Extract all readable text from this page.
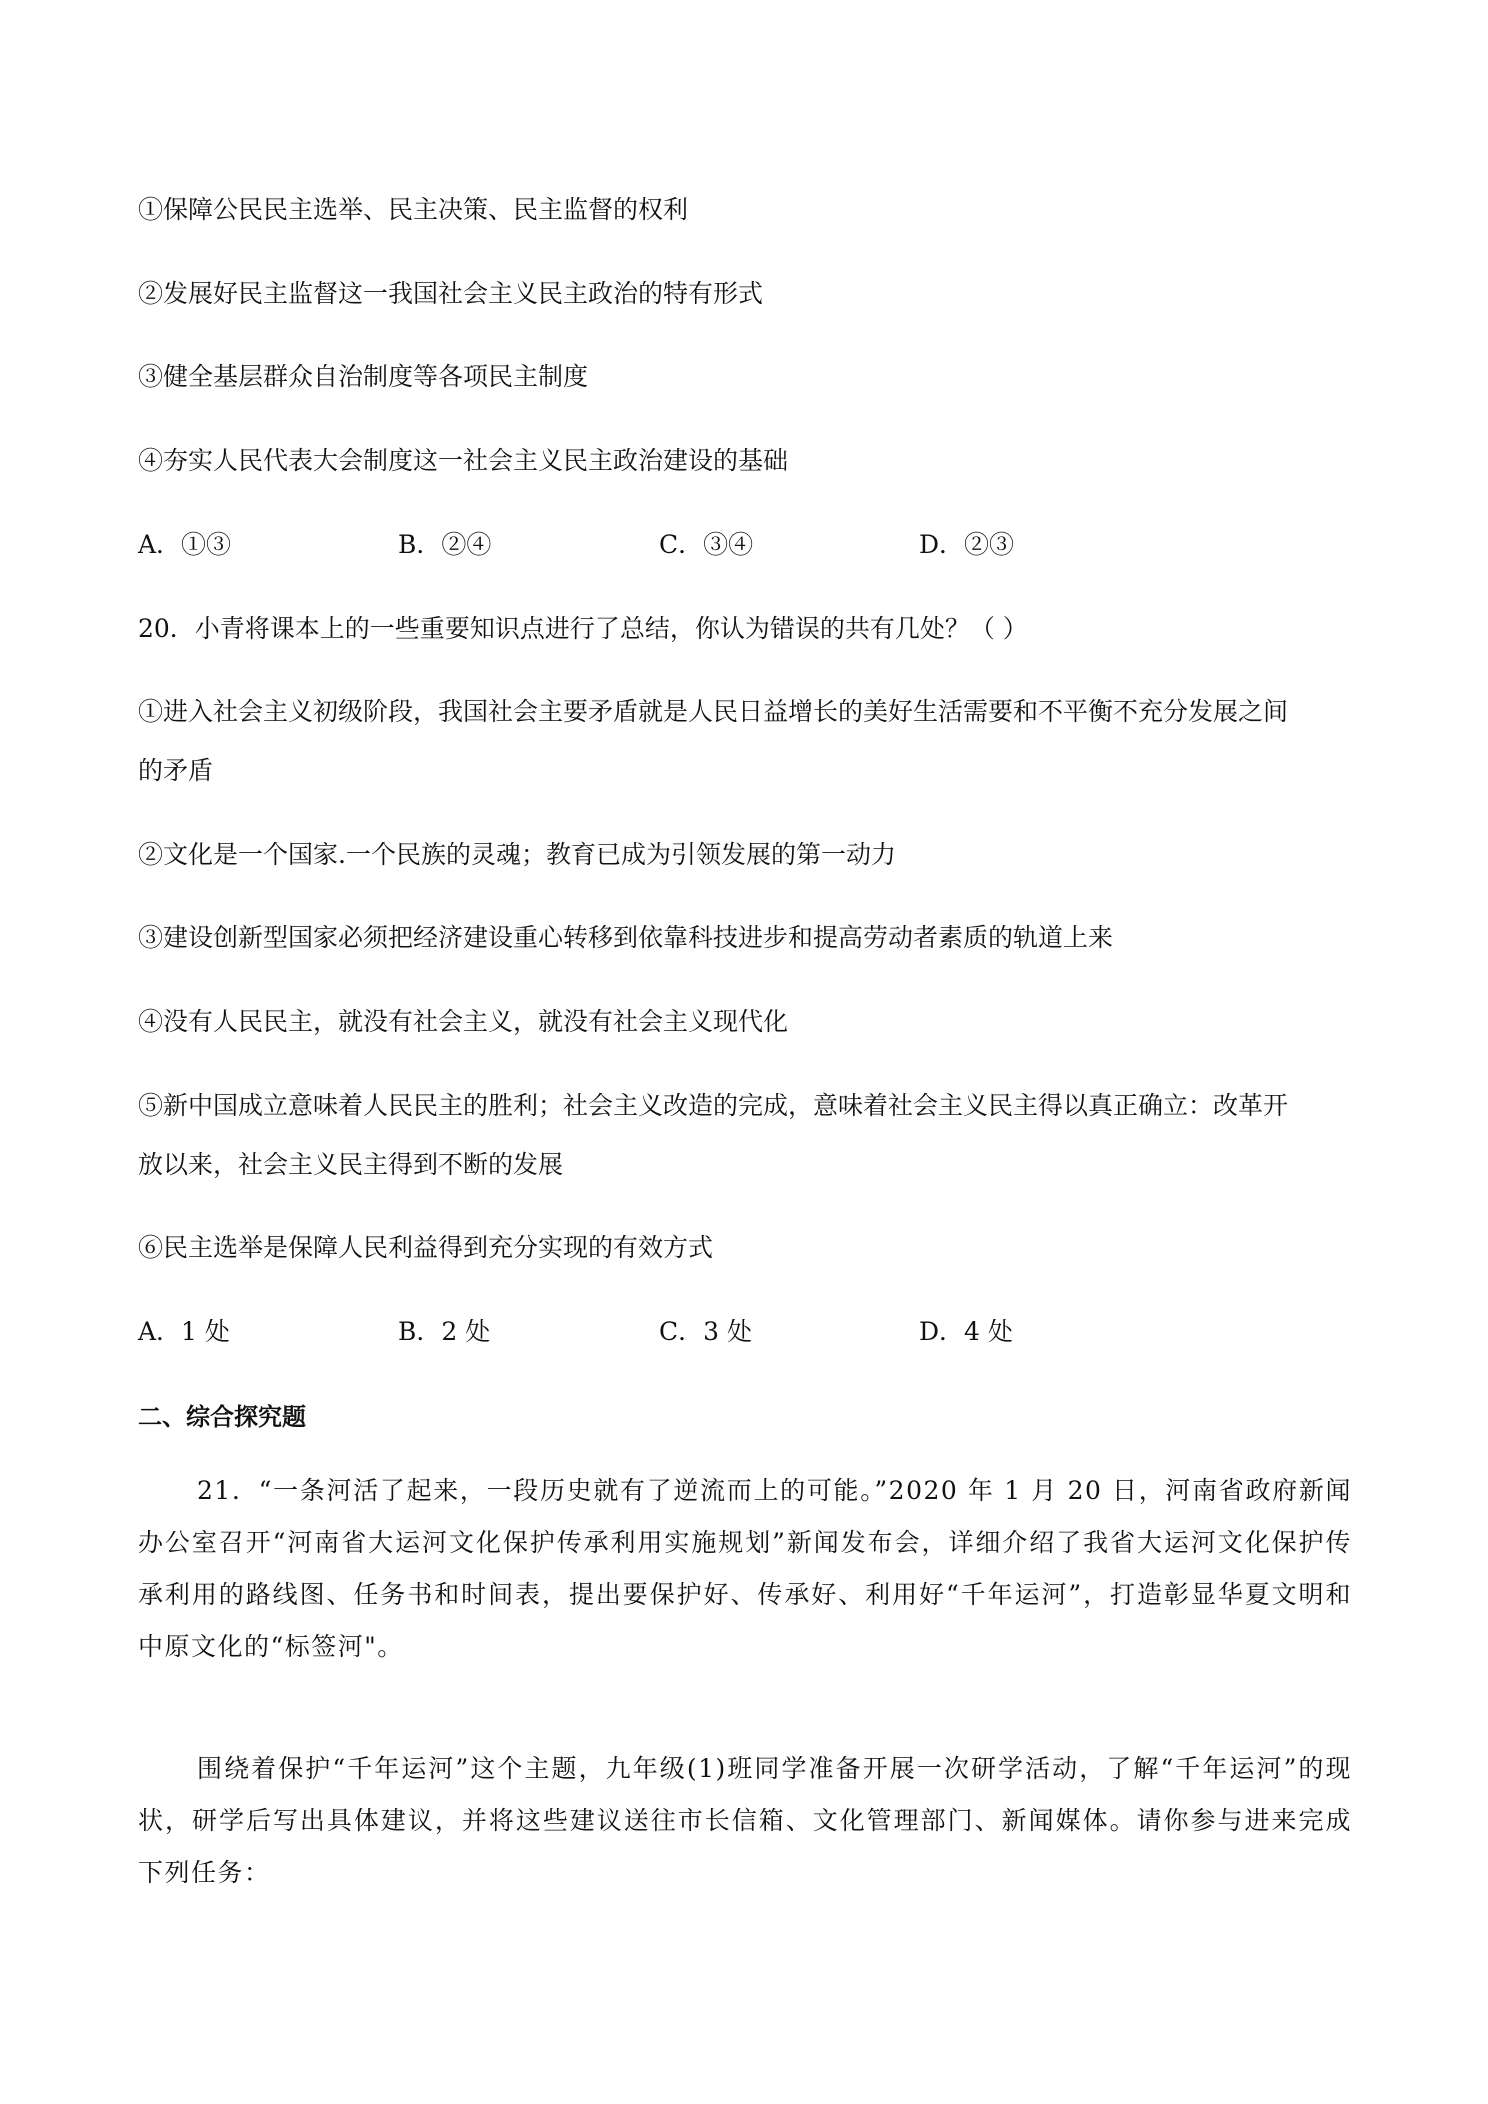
①保障公民民主选举、民主决策、民主监督的权利
②发展好民主监督这一我国社会主义民主政治的特有形式
③健全基层群众自治制度等各项民主制度
④夯实人民代表大会制度这一社会主义民主政治建设的基础
A．①③	B．②④	C．③④	D．②③
20．小青将课本上的一些重要知识点进行了总结，你认为错误的共有几处？（ ）
①进入社会主义初级阶段，我国社会主要矛盾就是人民日益增长的美好生活需要和不平衡不充分发展之间
的矛盾
②文化是一个国家.一个民族的灵魂；教育已成为引领发展的第一动力
③建设创新型国家必须把经济建设重心转移到依靠科技进步和提高劳动者素质的轨道上来
④没有人民民主，就没有社会主义，就没有社会主义现代化
⑤新中国成立意味着人民民主的胜利；社会主义改造的完成，意味着社会主义民主得以真正确立：改革开
放以来，社会主义民主得到不断的发展
⑥民主选举是保障人民利益得到充分实现的有效方式
A．1 处	B．2 处	C．3 处	D．4 处
二、综合探究题
21．“一条河活了起来，一段历史就有了逆流而上的可能。”2020 年 1 月 20 日，河南省政府新闻办公室召开“河南省大运河文化保护传承利用实施规划”新闻发布会，详细介绍了我省大运河文化保护传承利用的路线图、任务书和时间表，提出要保护好、传承好、利用好“千年运河”，打造彰显华夏文明和中原文化的“标签河"。
围绕着保护“千年运河”这个主题，九年级(1)班同学准备开展一次研学活动，了解“千年运河”的现状，研学后写出具体建议，并将这些建议送往市长信箱、文化管理部门、新闻媒体。请你参与进来完成下列任务：
